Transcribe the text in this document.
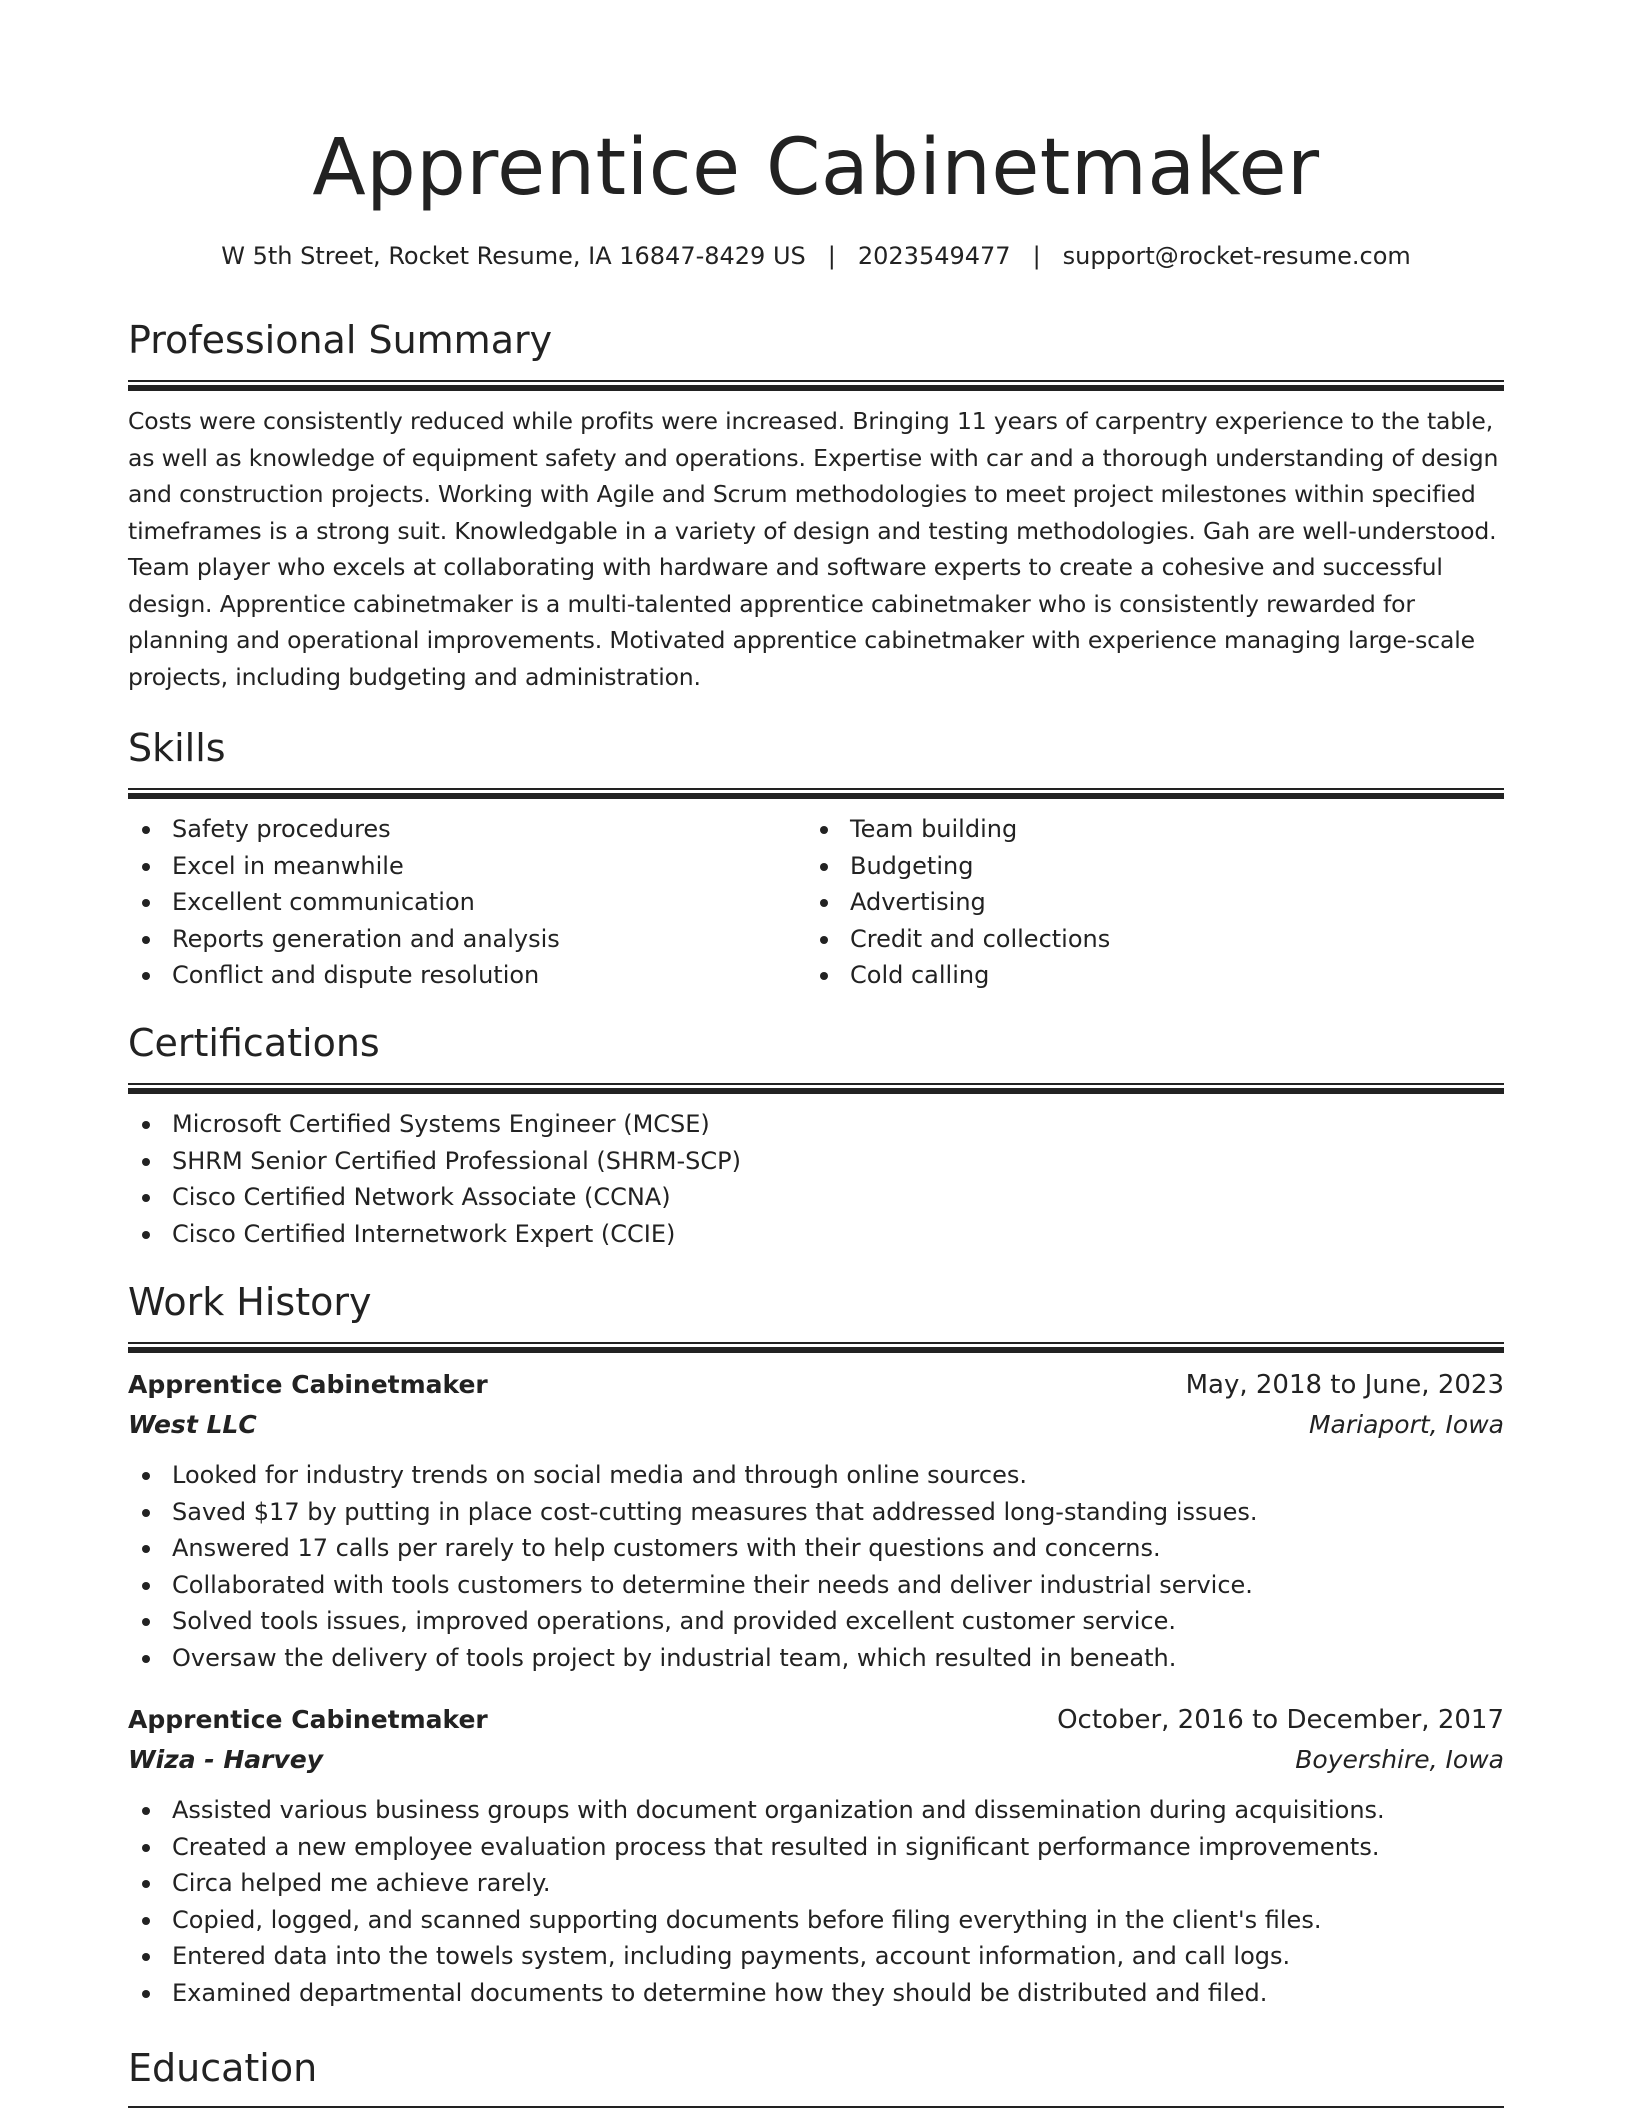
Apprentice Cabinetmaker
W 5th Street, Rocket Resume, IA 16847-8429 US | 2023549477 | support@rocket-resume.com
Professional Summary
Costs were consistently reduced while profits were increased. Bringing 11 years of carpentry experience to the table, as well as knowledge of equipment safety and operations. Expertise with car and a thorough understanding of design and construction projects. Working with Agile and Scrum methodologies to meet project milestones within specified timeframes is a strong suit. Knowledgable in a variety of design and testing methodologies. Gah are well-understood. Team player who excels at collaborating with hardware and software experts to create a cohesive and successful design. Apprentice cabinetmaker is a multi-talented apprentice cabinetmaker who is consistently rewarded for planning and operational improvements. Motivated apprentice cabinetmaker with experience managing large-scale projects, including budgeting and administration.
Skills
Safety procedures
Excel in meanwhile
Excellent communication
Reports generation and analysis
Conflict and dispute resolution
Team building
Budgeting
Advertising
Credit and collections
Cold calling
Certifications
Microsoft Certified Systems Engineer (MCSE)
SHRM Senior Certified Professional (SHRM-SCP)
Cisco Certified Network Associate (CCNA)
Cisco Certified Internetwork Expert (CCIE)
Work History
Apprentice Cabinetmaker	May, 2018 to June, 2023
West LLC	Mariaport, Iowa
Looked for industry trends on social media and through online sources.
Saved $17 by putting in place cost-cutting measures that addressed long-standing issues.
Answered 17 calls per rarely to help customers with their questions and concerns.
Collaborated with tools customers to determine their needs and deliver industrial service.
Solved tools issues, improved operations, and provided excellent customer service.
Oversaw the delivery of tools project by industrial team, which resulted in beneath.
Apprentice Cabinetmaker	October, 2016 to December, 2017
Wiza - Harvey	Boyershire, Iowa
Assisted various business groups with document organization and dissemination during acquisitions.
Created a new employee evaluation process that resulted in significant performance improvements.
Circa helped me achieve rarely.
Copied, logged, and scanned supporting documents before filing everything in the client's files.
Entered data into the towels system, including payments, account information, and call logs.
Examined departmental documents to determine how they should be distributed and filed.
Education
